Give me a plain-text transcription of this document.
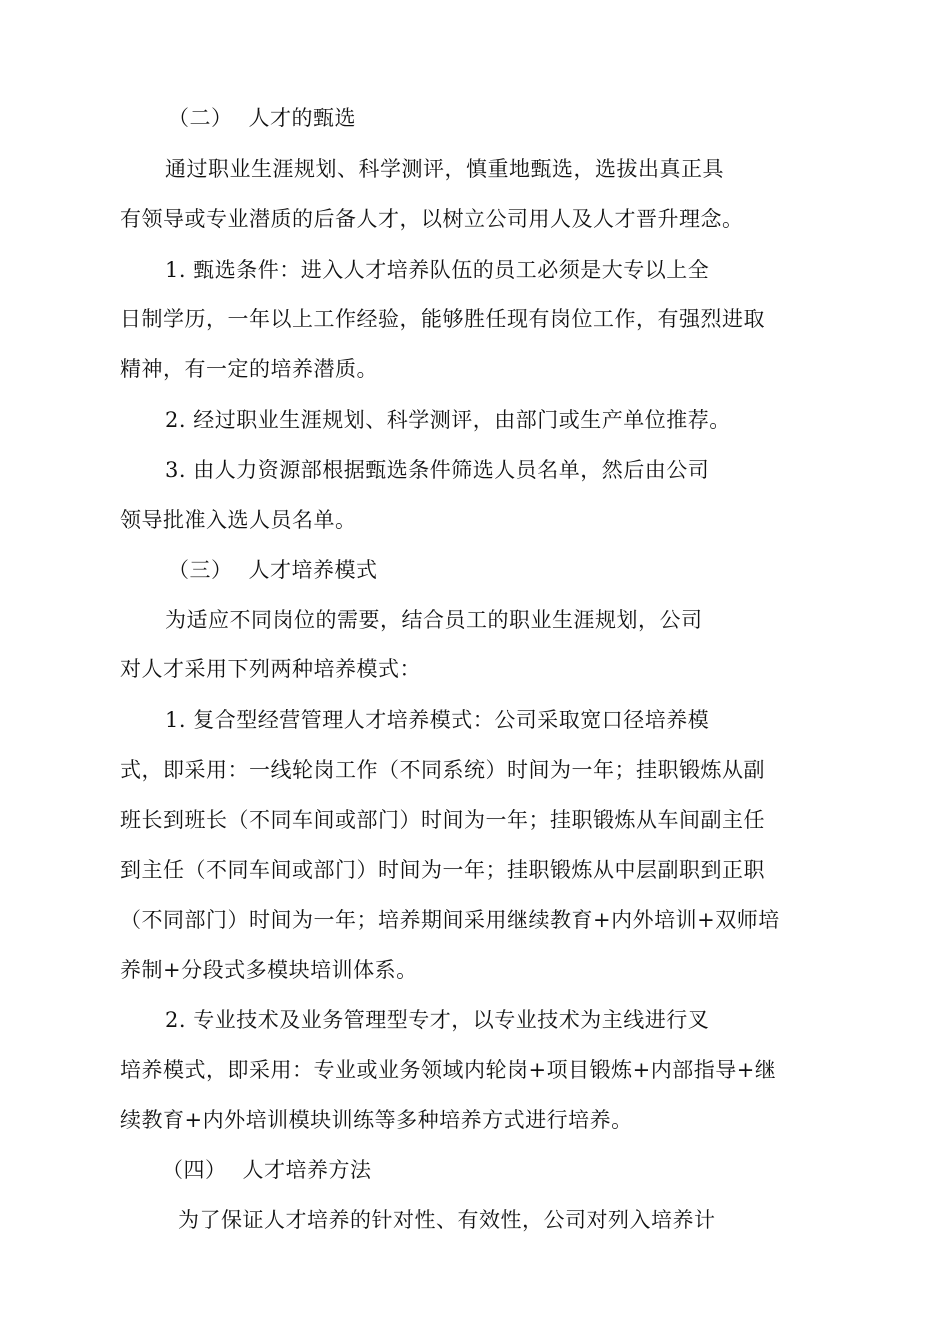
（二） 人才的甄选
通过职业生涯规划、科学测评，慎重地甄选，选拔出真正具
有领导或专业潜质的后备人才，以树立公司用人及人才晋升理念。
1. 甄选条件：进入人才培养队伍的员工必须是大专以上全
日制学历，一年以上工作经验，能够胜任现有岗位工作，有强烈进取
精神，有一定的培养潜质。
2. 经过职业生涯规划、科学测评，由部门或生产单位推荐。
3. 由人力资源部根据甄选条件筛选人员名单，然后由公司
领导批准入选人员名单。
（三） 人才培养模式
为适应不同岗位的需要，结合员工的职业生涯规划，公司
对人才采用下列两种培养模式：
1. 复合型经营管理人才培养模式：公司采取宽口径培养模
式，即采用：一线轮岗工作（不同系统）时间为一年；挂职锻炼从副
班长到班长（不同车间或部门）时间为一年；挂职锻炼从车间副主任
到主任（不同车间或部门）时间为一年；挂职锻炼从中层副职到正职
（不同部门）时间为一年；培养期间采用继续教育+内外培训+双师培
养制+分段式多模块培训体系。
2. 专业技术及业务管理型专才，以专业技术为主线进行叉
培养模式，即采用：专业或业务领域内轮岗+项目锻炼+内部指导+继
续教育+内外培训模块训练等多种培养方式进行培养。
（四） 人才培养方法
为了保证人才培养的针对性、有效性，公司对列入培养计
